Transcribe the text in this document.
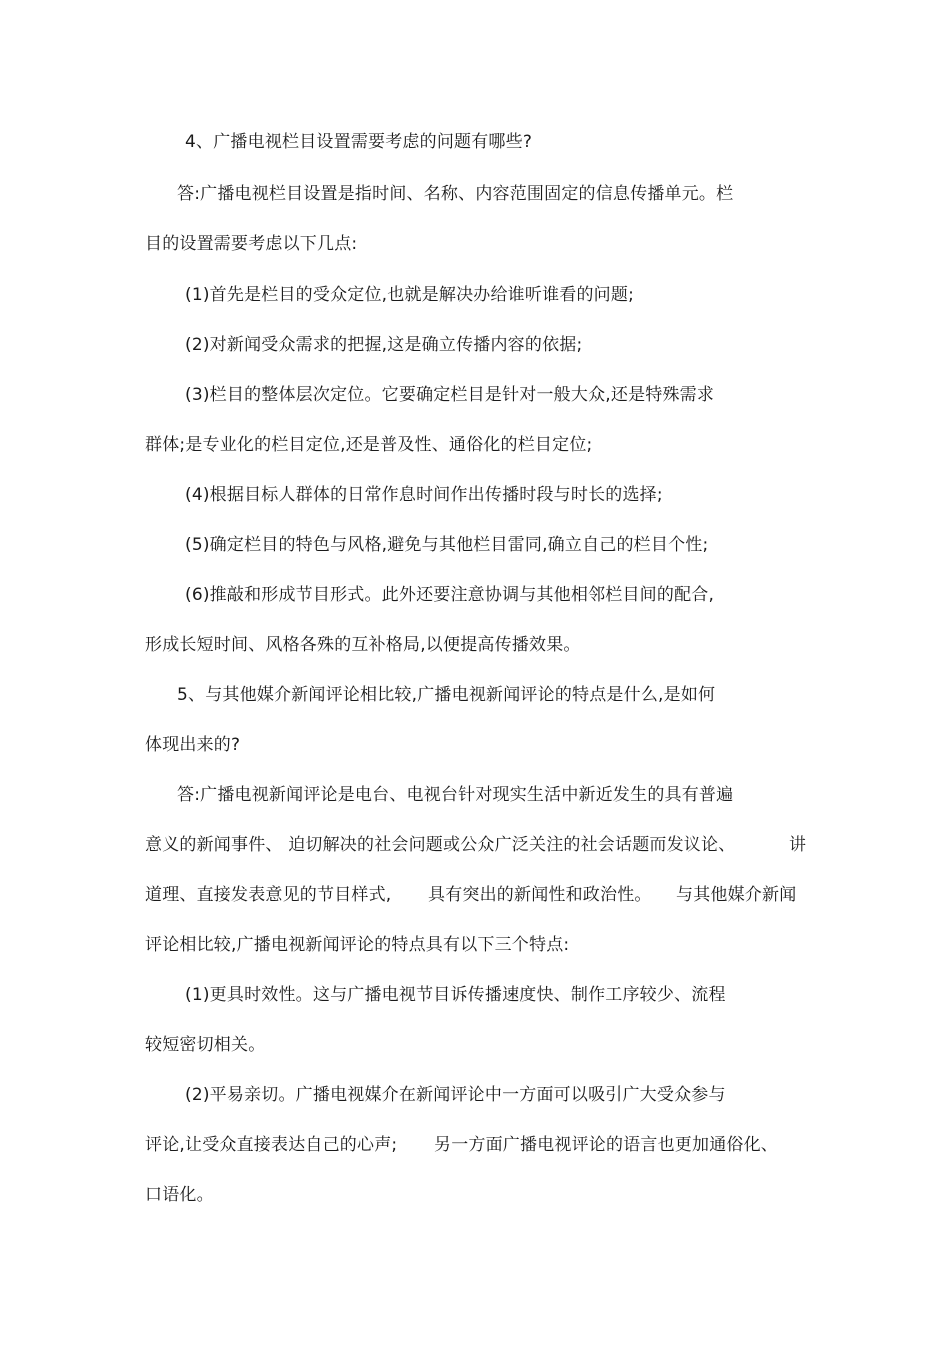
4、广播电视栏目设置需要考虑的问题有哪些?
答:广播电视栏目设置是指时间、名称、内容范围固定的信息传播单元。栏
目的设置需要考虑以下几点:
(1)首先是栏目的受众定位,也就是解决办给谁听谁看的问题;
(2)对新闻受众需求的把握,这是确立传播内容的依据;
(3)栏目的整体层次定位。它要确定栏目是针对一般大众,还是特殊需求
群体;是专业化的栏目定位,还是普及性、通俗化的栏目定位;
(4)根据目标人群体的日常作息时间作出传播时段与时长的选择;
(5)确定栏目的特色与风格,避免与其他栏目雷同,确立自己的栏目个性;
(6)推敲和形成节目形式。此外还要注意协调与其他相邻栏目间的配合,
形成长短时间、风格各殊的互补格局,以便提高传播效果。
5、与其他媒介新闻评论相比较,广播电视新闻评论的特点是什么,是如何
体现出来的?
答:广播电视新闻评论是电台、电视台针对现实生活中新近发生的具有普遍
意义的新闻事件、 迫切解决的社会问题或公众广泛关注的社会话题而发议论、	讲
道理、直接发表意见的节目样式, 具有突出的新闻性和政治性。 与其他媒介新闻
评论相比较,广播电视新闻评论的特点具有以下三个特点:
(1)更具时效性。这与广播电视节目诉传播速度快、制作工序较少、流程
较短密切相关。
(2)平易亲切。广播电视媒介在新闻评论中一方面可以吸引广大受众参与
评论,让受众直接表达自己的心声; 另一方面广播电视评论的语言也更加通俗化、
口语化。
